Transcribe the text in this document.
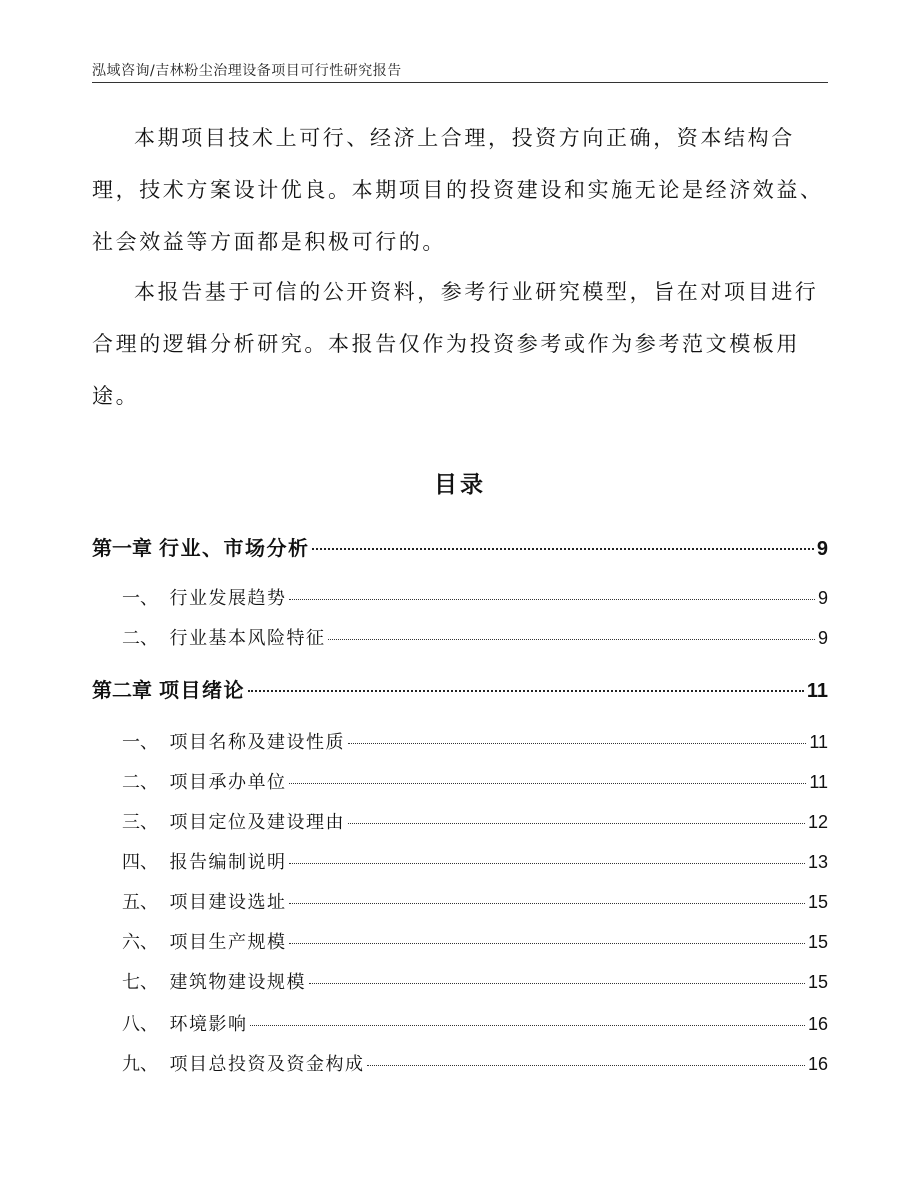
泓域咨询/吉林粉尘治理设备项目可行性研究报告

本期项目技术上可行、经济上合理，投资方向正确，资本结构合理，技术方案设计优良。本期项目的投资建设和实施无论是经济效益、社会效益等方面都是积极可行的。

本报告基于可信的公开资料，参考行业研究模型，旨在对项目进行合理的逻辑分析研究。本报告仅作为投资参考或作为参考范文模板用途。

目录
第一章 行业、市场分析	9
一、 行业发展趋势	9
二、 行业基本风险特征	9
第二章 项目绪论	11
一、 项目名称及建设性质	11
二、 项目承办单位	11
三、 项目定位及建设理由	12
四、 报告编制说明	13
五、 项目建设选址	15
六、 项目生产规模	15
七、 建筑物建设规模	15
八、 环境影响	16
九、 项目总投资及资金构成	16
